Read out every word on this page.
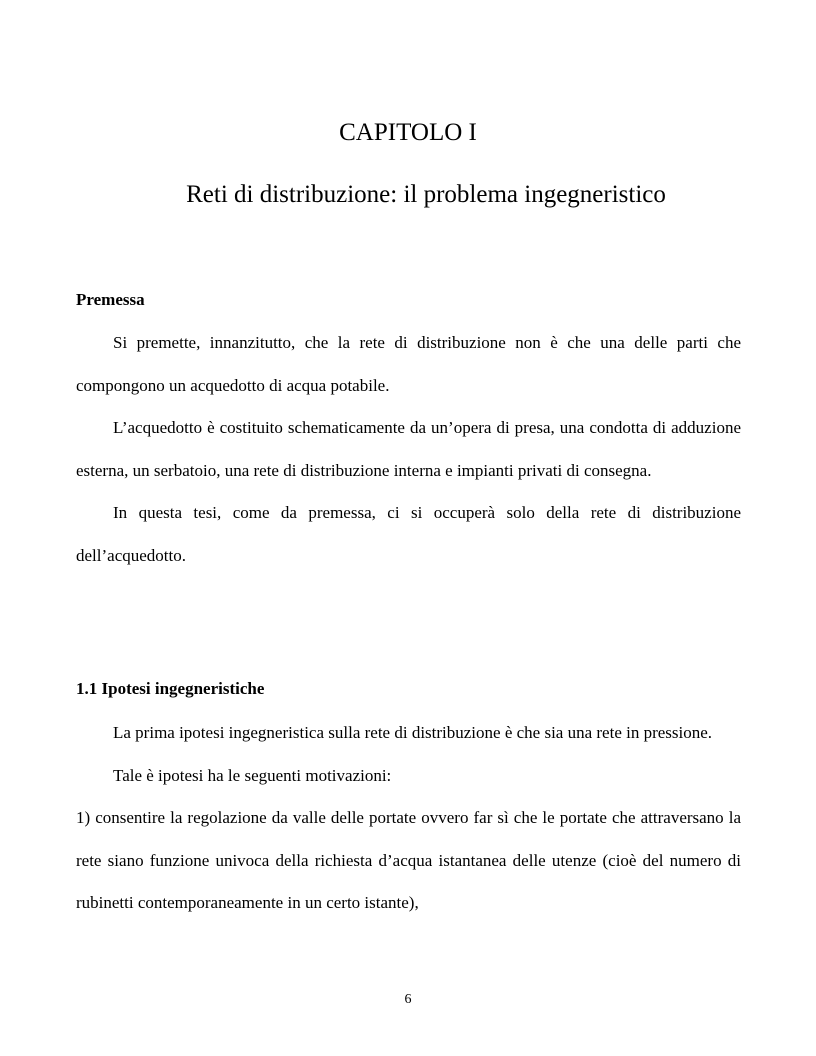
CAPITOLO I
Reti di distribuzione: il problema ingegneristico
Premessa

Si premette, innanzitutto, che la rete di distribuzione non è che una delle parti che compongono un acquedotto di acqua potabile.

L’acquedotto è costituito schematicamente da un’opera di presa, una condotta di adduzione esterna, un serbatoio, una rete di distribuzione interna e impianti privati di consegna.

In questa tesi, come da premessa, ci si occuperà solo della rete di distribuzione dell’acquedotto.

1.1 Ipotesi ingegneristiche

La prima ipotesi ingegneristica sulla rete di distribuzione è che sia una rete in pressione.

Tale è ipotesi ha le seguenti motivazioni:

1) consentire la regolazione da valle delle portate ovvero far sì che le portate che attraversano la rete siano funzione univoca della richiesta d’acqua istantanea delle utenze (cioè del numero di rubinetti contemporaneamente in un certo istante),

6
